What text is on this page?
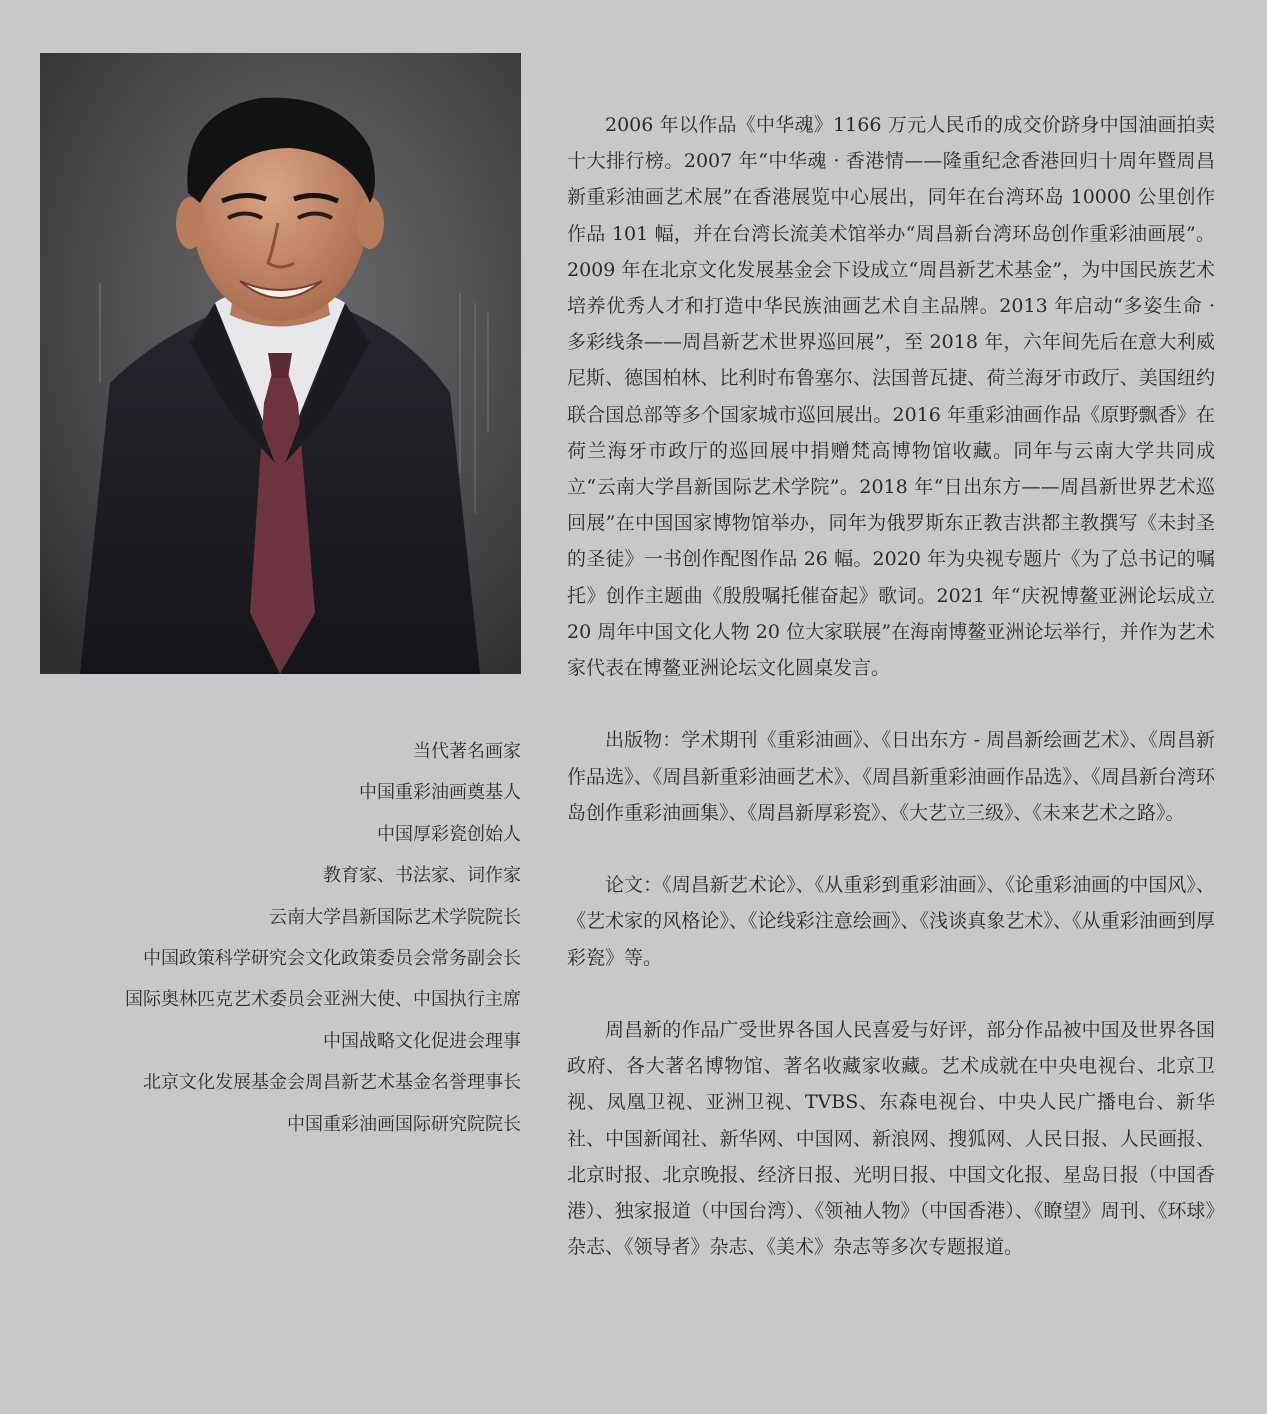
当代著名画家
中国重彩油画奠基人
中国厚彩瓷创始人
教育家、书法家、词作家
云南大学昌新国际艺术学院院长
中国政策科学研究会文化政策委员会常务副会长
国际奥林匹克艺术委员会亚洲大使、中国执行主席
中国战略文化促进会理事
北京文化发展基金会周昌新艺术基金名誉理事长
中国重彩油画国际研究院院长

2006 年以作品《中华魂》1166 万元人民币的成交价跻身中国油画拍卖十大排行榜。2007 年“中华魂 · 香港情——隆重纪念香港回归十周年暨周昌新重彩油画艺术展”在香港展览中心展出，同年在台湾环岛 10000 公里创作作品 101 幅，并在台湾长流美术馆举办“周昌新台湾环岛创作重彩油画展”。2009 年在北京文化发展基金会下设成立“周昌新艺术基金”，为中国民族艺术培养优秀人才和打造中华民族油画艺术自主品牌。2013 年启动“多姿生命 · 多彩线条——周昌新艺术世界巡回展”，至 2018 年，六年间先后在意大利威尼斯、德国柏林、比利时布鲁塞尔、法国普瓦捷、荷兰海牙市政厅、美国纽约联合国总部等多个国家城市巡回展出。2016 年重彩油画作品《原野飘香》在荷兰海牙市政厅的巡回展中捐赠梵高博物馆收藏。同年与云南大学共同成立“云南大学昌新国际艺术学院”。2018 年“日出东方——周昌新世界艺术巡回展”在中国国家博物馆举办，同年为俄罗斯东正教吉洪都主教撰写《未封圣的圣徒》一书创作配图作品 26 幅。2020 年为央视专题片《为了总书记的嘱托》创作主题曲《殷殷嘱托催奋起》歌词。2021 年“庆祝博鳌亚洲论坛成立 20 周年中国文化人物 20 位大家联展”在海南博鳌亚洲论坛举行，并作为艺术家代表在博鳌亚洲论坛文化圆桌发言。

出版物：学术期刊《重彩油画》、《日出东方 - 周昌新绘画艺术》、《周昌新作品选》、《周昌新重彩油画艺术》、《周昌新重彩油画作品选》、《周昌新台湾环岛创作重彩油画集》、《周昌新厚彩瓷》、《大艺立三级》、《未来艺术之路》。

论文：《周昌新艺术论》、《从重彩到重彩油画》、《论重彩油画的中国风》、《艺术家的风格论》、《论线彩注意绘画》、《浅谈真象艺术》、《从重彩油画到厚彩瓷》等。

周昌新的作品广受世界各国人民喜爱与好评，部分作品被中国及世界各国政府、各大著名博物馆、著名收藏家收藏。艺术成就在中央电视台、北京卫视、凤凰卫视、亚洲卫视、TVBS、东森电视台、中央人民广播电台、新华社、中国新闻社、新华网、中国网、新浪网、搜狐网、人民日报、人民画报、北京时报、北京晚报、经济日报、光明日报、中国文化报、星岛日报（中国香港）、独家报道（中国台湾）、《领袖人物》（中国香港）、《瞭望》周刊、《环球》杂志、《领导者》杂志、《美术》杂志等多次专题报道。
